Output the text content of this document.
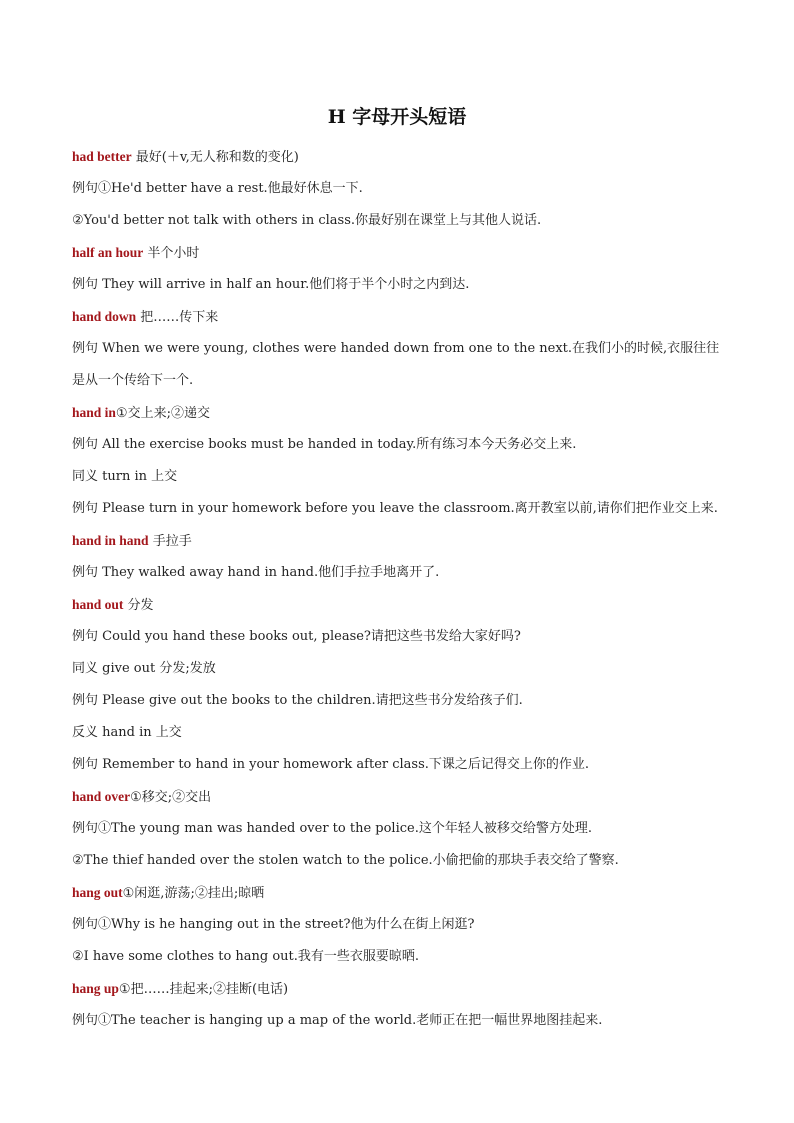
H 字母开头短语
had better 最好(＋v,无人称和数的变化)
例句①He'd better have a rest.他最好休息一下.
②You'd better not talk with others in class.你最好别在课堂上与其他人说话.
half an hour 半个小时
例句 They will arrive in half an hour.他们将于半个小时之内到达.
hand down 把……传下来
例句 When we were young, clothes were handed down from one to the next.在我们小的时候,衣服往往是从一个传给下一个.
hand in①交上来;②递交
例句 All the exercise books must be handed in today.所有练习本今天务必交上来.
同义 turn in 上交
例句 Please turn in your homework before you leave the classroom.离开教室以前,请你们把作业交上来.
hand in hand 手拉手
例句 They walked away hand in hand.他们手拉手地离开了.
hand out 分发
例句 Could you hand these books out, please?请把这些书发给大家好吗?
同义 give out 分发;发放
例句 Please give out the books to the children.请把这些书分发给孩子们.
反义 hand in 上交
例句 Remember to hand in your homework after class.下课之后记得交上你的作业.
hand over①移交;②交出
例句①The young man was handed over to the police.这个年轻人被移交给警方处理.
②The thief handed over the stolen watch to the police.小偷把偷的那块手表交给了警察.
hang out①闲逛,游荡;②挂出;晾晒
例句①Why is he hanging out in the street?他为什么在街上闲逛?
②I have some clothes to hang out.我有一些衣服要晾晒.
hang up①把……挂起来;②挂断(电话)
例句①The teacher is hanging up a map of the world.老师正在把一幅世界地图挂起来.
